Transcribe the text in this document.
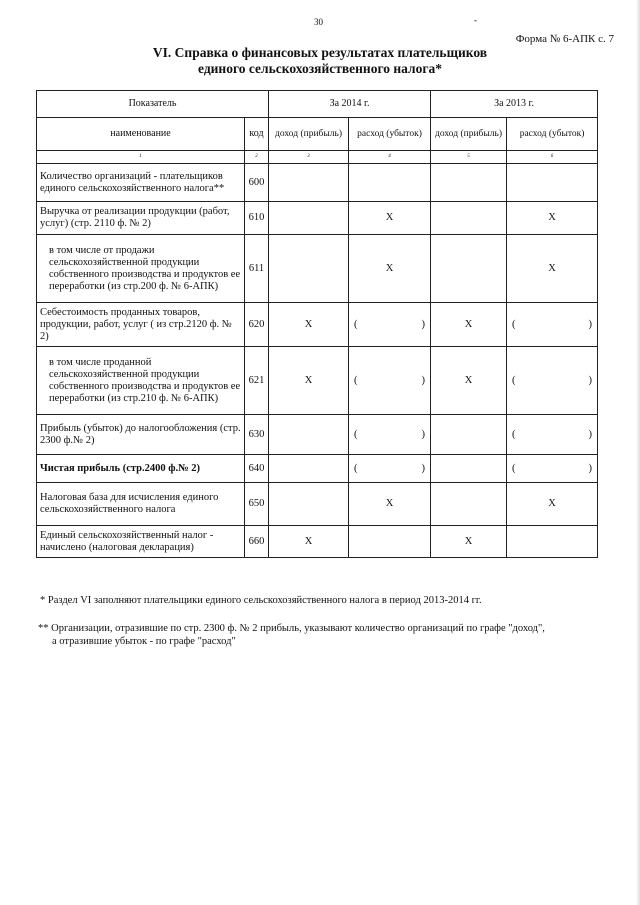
30	-
Форма № 6-АПК с. 7
VI. Справка о финансовых результатах плательщиков
единого сельскохозяйственного налога*
Показатель		За 2014 г.		За 2013 г.	
наименование	код	доход (прибыль)	расход (убыток)	доход (прибыль)	расход (убыток)
1	2	3	4	5	6
Количество организаций - плательщиков единого сельскохозяйственного налога**	600				
Выручка от реализации продукции (работ, услуг) (стр. 2110 ф. № 2)	610		X		X
в том числе от продажи сельскохозяйственной продукции собственного производства и продуктов ее переработки (из стр.200 ф. № 6-АПК)	611		X		X
Себестоимость проданных товаров, продукции, работ, услуг ( из стр.2120 ф. № 2)	620	X	( )	X	( )

в том числе проданной сельскохозяйственной продукции собственного производства и продуктов ее переработки (из стр.210 ф. № 6-АПК)	621	X	( )	X	( )

Прибыль (убыток) до налогообложения (стр. 2300 ф.№ 2)	630		( )		( )

Чистая прибыль (стр.2400 ф.№ 2)	640		( )		( )

Налоговая база для исчисления единого сельскохозяйственного налога	650		X		X
Единый сельскохозяйственный налог - начислено (налоговая декларация)	660	X		X	
* Раздел VI заполняют плательщики единого сельскохозяйственного налога в период 2013-2014 гг.
** Организации, отразившие по стр. 2300 ф. № 2 прибыль, указывают количество организаций по графе "доход",
а отразившие убыток - по графе "расход"
